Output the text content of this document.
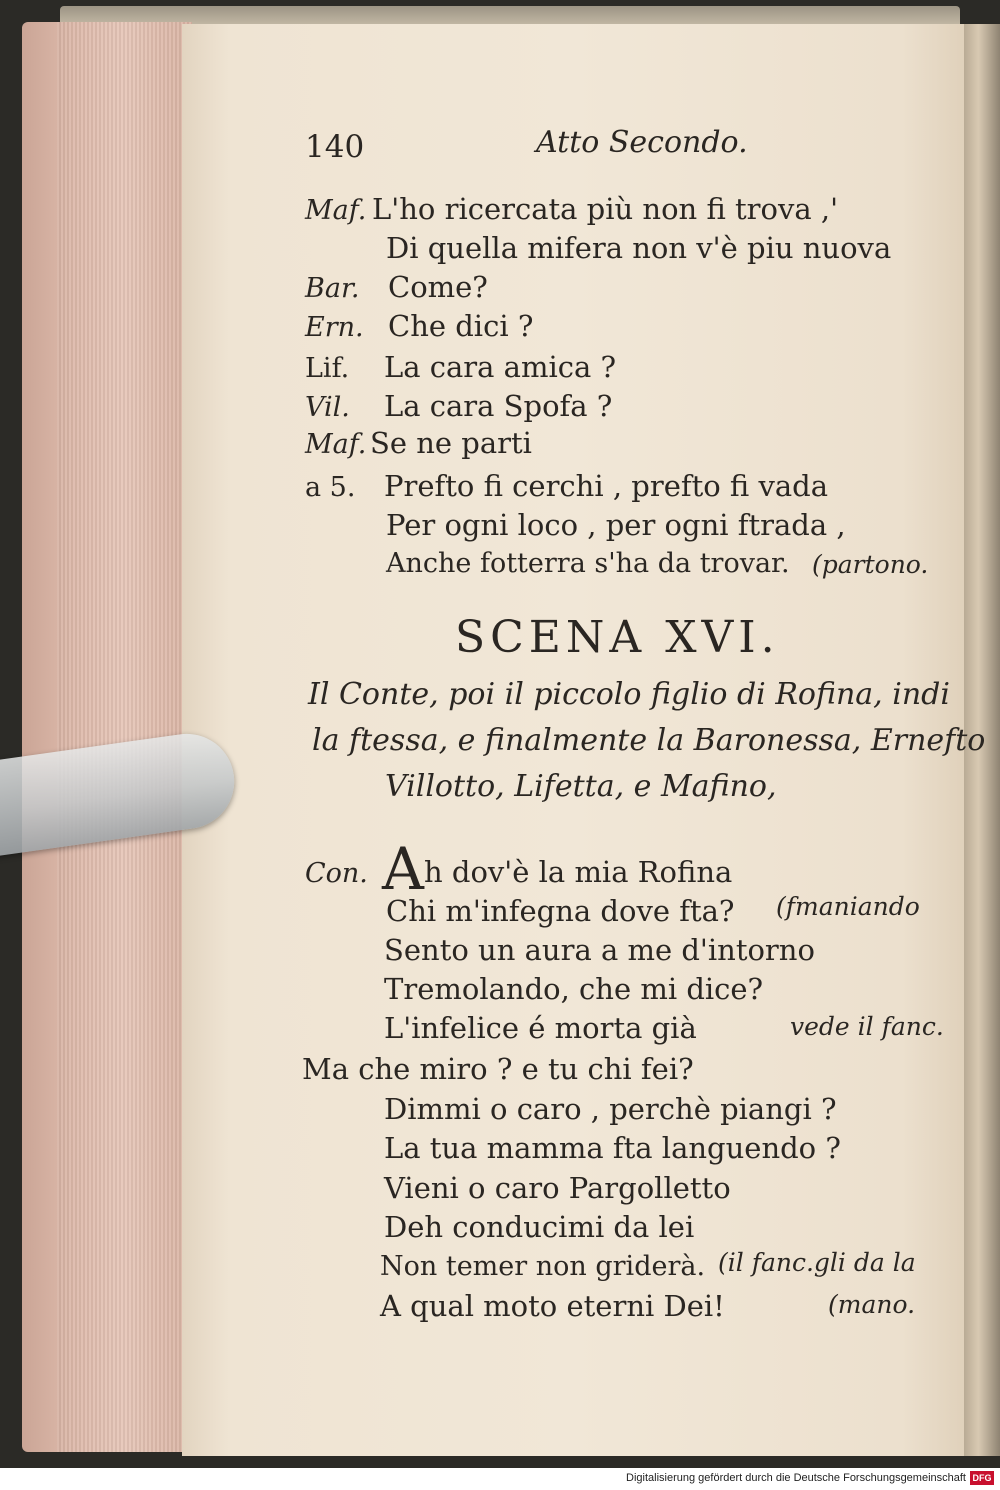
140	Atto Secondo.
Maf. L'ho ricercata più non fi trova ,'
Di quella mifera non v'è piu nuova
Bar. Come?
Ern. Che dici ?
Lif. La cara amica ?
Vil. La cara Spofa ?
Maf. Se ne parti
a 5. Prefto fi cerchi , prefto fi vada
Per ogni loco , per ogni ftrada ,
Anche fotterra s'ha da trovar. (partono.
SCENA XVI.
Il Conte, poi il piccolo figlio di Rofina, indi
la ftessa, e finalmente la Baronessa, Ernefto
Villotto, Lifetta, e Mafino,
Con. A h dov'è la mia Rofina
Chi m'infegna dove fta? (fmaniando
Sento un aura a me d'intorno
Tremolando, che mi dice?
L'infelice é morta già	vede il fanc.
Ma che miro ? e tu chi fei?
Dimmi o caro , perchè piangi ?
La tua mamma fta languendo ?
Vieni o caro Pargolletto
Deh conducimi da lei
Non temer non griderà. (il fanc.gli da la
A qual moto eterni Dei!	(mano.
Digitalisierung gefördert durch die Deutsche Forschungsgemeinschaft DFG
